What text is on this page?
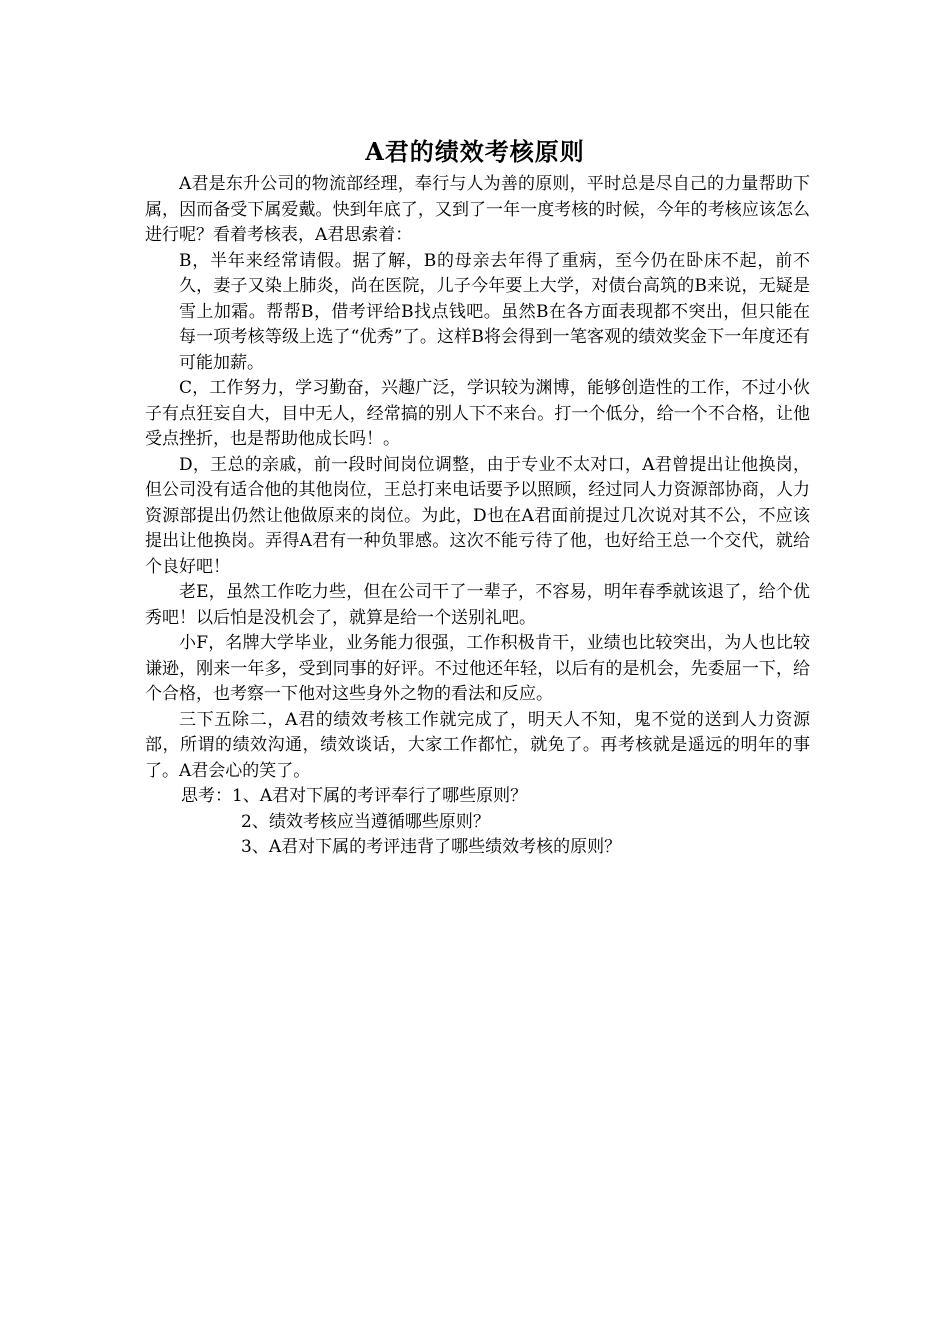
A君的绩效考核原则

A君是东升公司的物流部经理，奉行与人为善的原则，平时总是尽自己的力量帮助下属，因而备受下属爱戴。快到年底了，又到了一年一度考核的时候，今年的考核应该怎么进行呢？看着考核表，A君思索着：

B，半年来经常请假。据了解，B的母亲去年得了重病，至今仍在卧床不起，前不久，妻子又染上肺炎，尚在医院，儿子今年要上大学，对债台高筑的B来说，无疑是雪上加霜。帮帮B，借考评给B找点钱吧。虽然B在各方面表现都不突出，但只能在每一项考核等级上选了“优秀”了。这样B将会得到一笔客观的绩效奖金下一年度还有可能加薪。

C，工作努力，学习勤奋，兴趣广泛，学识较为渊博，能够创造性的工作，不过小伙子有点狂妄自大，目中无人，经常搞的别人下不来台。打一个低分，给一个不合格，让他受点挫折，也是帮助他成长吗！。

D，王总的亲戚，前一段时间岗位调整，由于专业不太对口，A君曾提出让他换岗，但公司没有适合他的其他岗位，王总打来电话要予以照顾，经过同人力资源部协商，人力资源部提出仍然让他做原来的岗位。为此，D也在A君面前提过几次说对其不公，不应该提出让他换岗。弄得A君有一种负罪感。这次不能亏待了他，也好给王总一个交代，就给个良好吧！

老E，虽然工作吃力些，但在公司干了一辈子，不容易，明年春季就该退了，给个优秀吧！以后怕是没机会了，就算是给一个送别礼吧。

小F，名牌大学毕业，业务能力很强，工作积极肯干，业绩也比较突出，为人也比较谦逊，刚来一年多，受到同事的好评。不过他还年轻，以后有的是机会，先委屈一下，给个合格，也考察一下他对这些身外之物的看法和反应。

三下五除二，A君的绩效考核工作就完成了，明天人不知，鬼不觉的送到人力资源部，所谓的绩效沟通，绩效谈话，大家工作都忙，就免了。再考核就是遥远的明年的事了。A君会心的笑了。

思考：1、A君对下属的考评奉行了哪些原则？
2、绩效考核应当遵循哪些原则？
3、A君对下属的考评违背了哪些绩效考核的原则？
